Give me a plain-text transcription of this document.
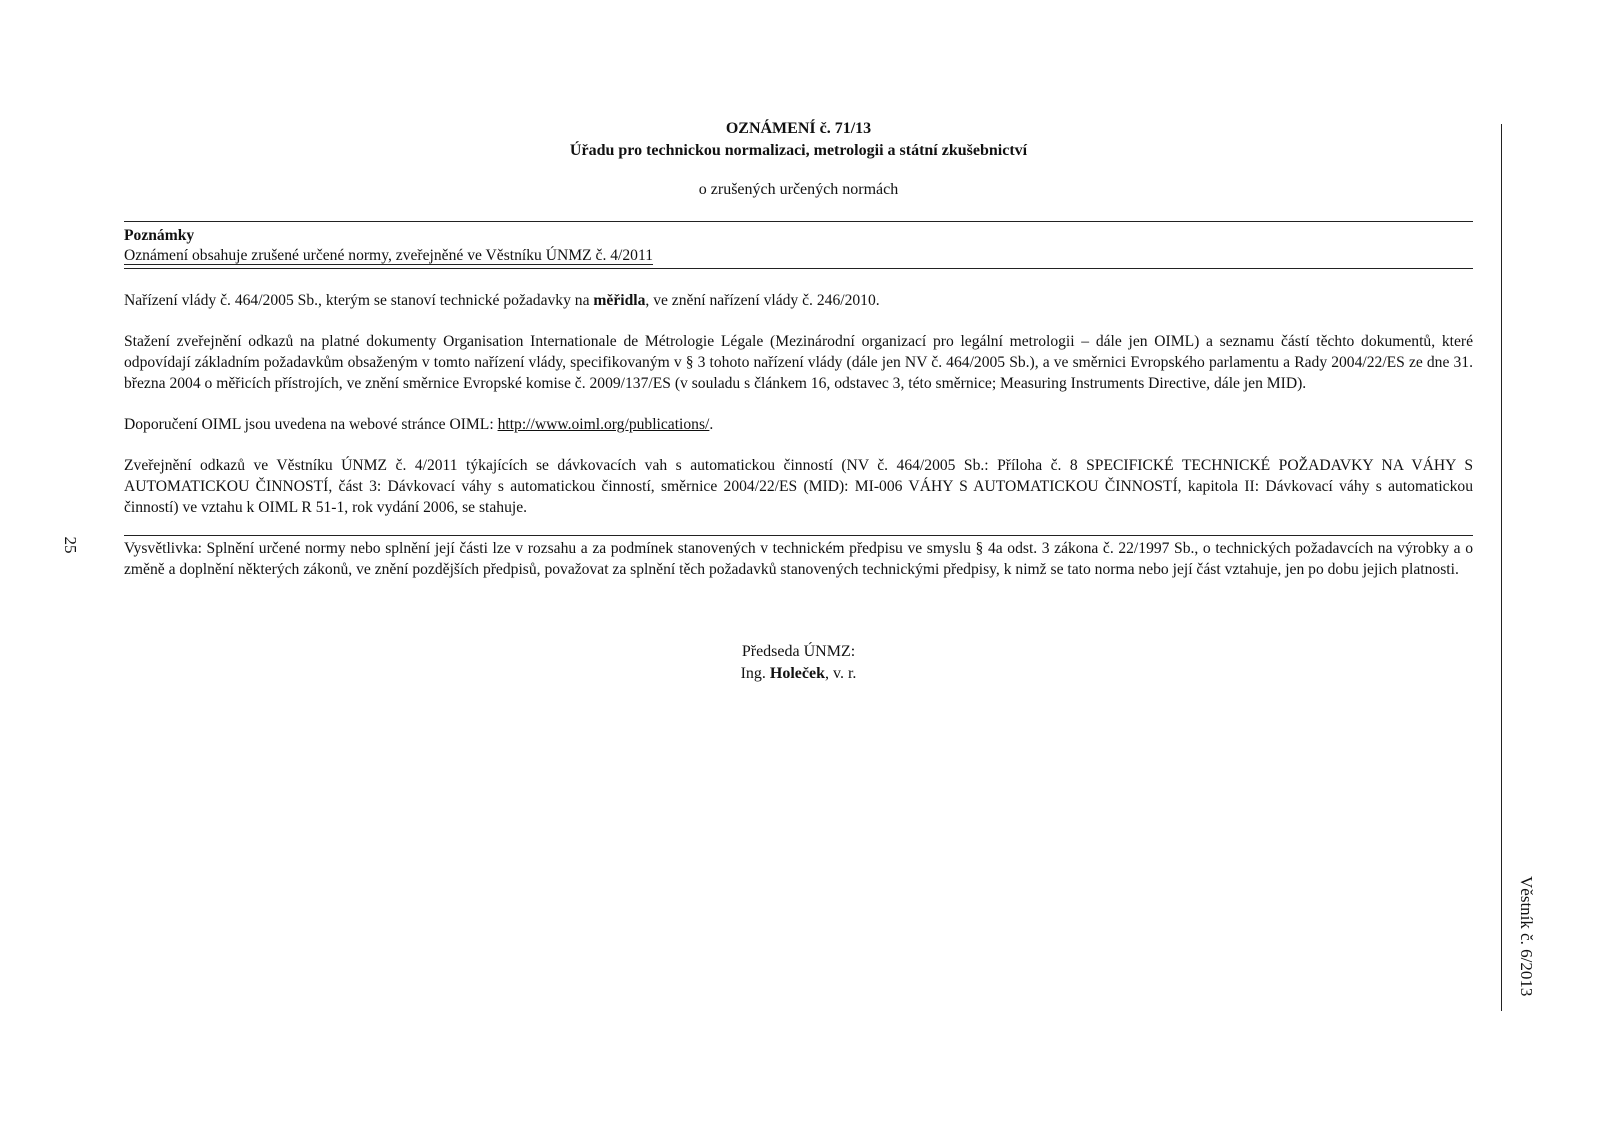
25
Věstník č. 6/2013

OZNÁMENÍ č. 71/13

Úřadu pro technickou normalizaci, metrologii a státní zkušebnictví

o zrušených určených normách

Poznámky

Oznámení obsahuje zrušené určené normy, zveřejněné ve Věstníku ÚNMZ č. 4/2011

Nařízení vlády č. 464/2005 Sb., kterým se stanoví technické požadavky na měřidla, ve znění nařízení vlády č. 246/2010.

Stažení zveřejnění odkazů na platné dokumenty Organisation Internationale de Métrologie Légale (Mezinárodní organizací pro legální metrologii – dále jen OIML) a seznamu částí těchto dokumentů, které odpovídají základním požadavkům obsaženým v tomto nařízení vlády, specifikovaným v § 3 tohoto nařízení vlády (dále jen NV č. 464/2005 Sb.), a ve směrnici Evropského parlamentu a Rady 2004/22/ES ze dne 31. března 2004 o měřicích přístrojích, ve znění směrnice Evropské komise č. 2009/137/ES (v souladu s článkem 16, odstavec 3, této směrnice; Measuring Instruments Directive, dále jen MID).

Doporučení OIML jsou uvedena na webové stránce OIML: http://www.oiml.org/publications/.

Zveřejnění odkazů ve Věstníku ÚNMZ č. 4/2011 týkajících se dávkovacích vah s automatickou činností (NV č. 464/2005 Sb.: Příloha č. 8 SPECIFICKÉ TECHNICKÉ POŽADAVKY NA VÁHY S AUTOMATICKOU ČINNOSTÍ, část 3: Dávkovací váhy s automatickou činností, směrnice 2004/22/ES (MID): MI-006 VÁHY S AUTOMATICKOU ČINNOSTÍ, kapitola II: Dávkovací váhy s automatickou činností) ve vztahu k OIML R 51-1, rok vydání 2006, se stahuje.

Vysvětlivka: Splnění určené normy nebo splnění její části lze v rozsahu a za podmínek stanovených v technickém předpisu ve smyslu § 4a odst. 3 zákona č. 22/1997 Sb., o technických požadavcích na výrobky a o změně a doplnění některých zákonů, ve znění pozdějších předpisů, považovat za splnění těch požadavků stanovených technickými předpisy, k nimž se tato norma nebo její část vztahuje, jen po dobu jejich platnosti.

Předseda ÚNMZ:

Ing. Holeček, v. r.
